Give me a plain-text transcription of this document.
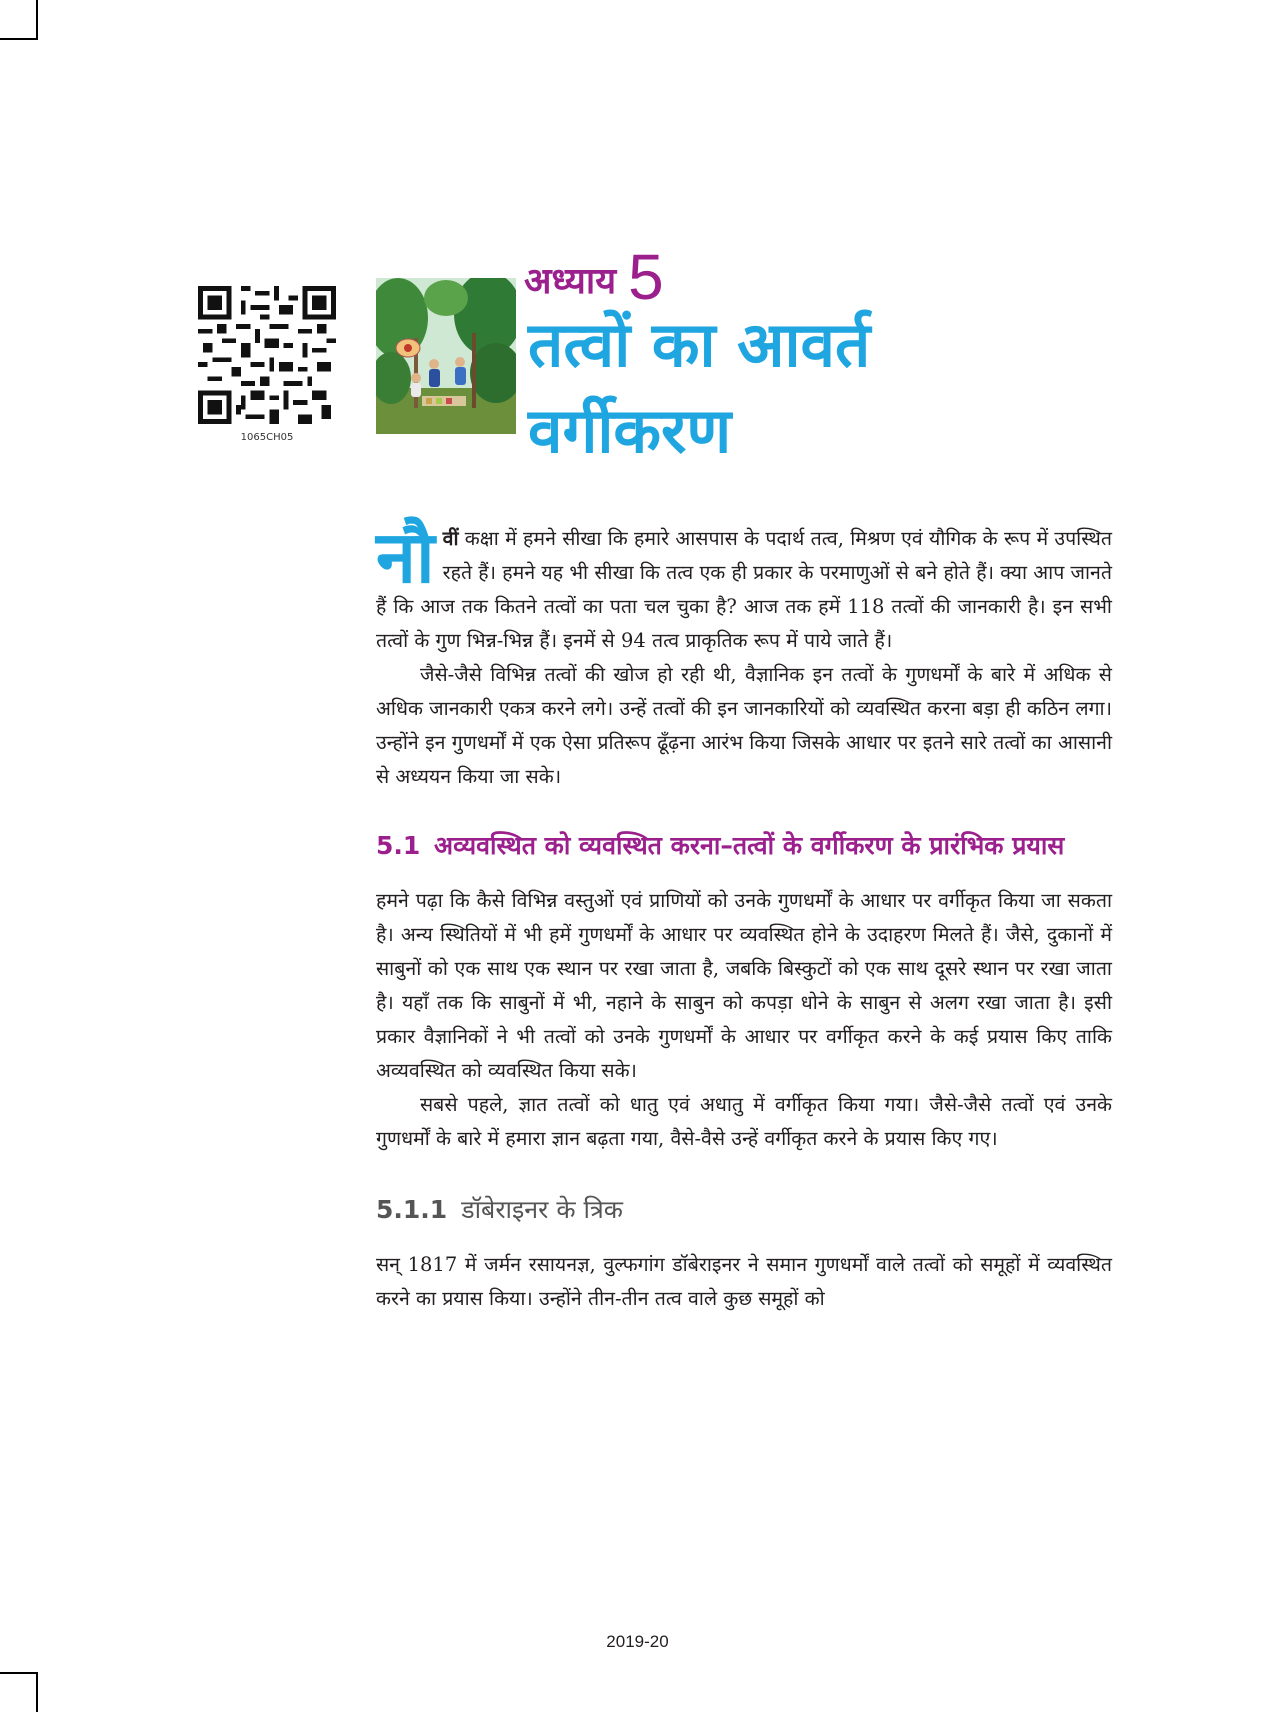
1065CH05
अध्याय 5
तत्वों का आवर्त वर्गीकरण

नौवीं कक्षा में हमने सीखा कि हमारे आसपास के पदार्थ तत्व, मिश्रण एवं यौगिक के रूप में उपस्थित रहते हैं। हमने यह भी सीखा कि तत्व एक ही प्रकार के परमाणुओं से बने होते हैं। क्या आप जानते हैं कि आज तक कितने तत्वों का पता चल चुका है? आज तक हमें 118 तत्वों की जानकारी है। इन सभी तत्वों के गुण भिन्न-भिन्न हैं। इनमें से 94 तत्व प्राकृतिक रूप में पाये जाते हैं।

जैसे-जैसे विभिन्न तत्वों की खोज हो रही थी, वैज्ञानिक इन तत्वों के गुणधर्मों के बारे में अधिक से अधिक जानकारी एकत्र करने लगे। उन्हें तत्वों की इन जानकारियों को व्यवस्थित करना बड़ा ही कठिन लगा। उन्होंने इन गुणधर्मों में एक ऐसा प्रतिरूप ढूँढ़ना आरंभ किया जिसके आधार पर इतने सारे तत्वों का आसानी से अध्ययन किया जा सके।

5.1 अव्यवस्थित को व्यवस्थित करना–तत्वों के वर्गीकरण के प्रारंभिक प्रयास

हमने पढ़ा कि कैसे विभिन्न वस्तुओं एवं प्राणियों को उनके गुणधर्मों के आधार पर वर्गीकृत किया जा सकता है। अन्य स्थितियों में भी हमें गुणधर्मों के आधार पर व्यवस्थित होने के उदाहरण मिलते हैं। जैसे, दुकानों में साबुनों को एक साथ एक स्थान पर रखा जाता है, जबकि बिस्कुटों को एक साथ दूसरे स्थान पर रखा जाता है। यहाँ तक कि साबुनों में भी, नहाने के साबुन को कपड़ा धोने के साबुन से अलग रखा जाता है। इसी प्रकार वैज्ञानिकों ने भी तत्वों को उनके गुणधर्मों के आधार पर वर्गीकृत करने के कई प्रयास किए ताकि अव्यवस्थित को व्यवस्थित किया सके।

सबसे पहले, ज्ञात तत्वों को धातु एवं अधातु में वर्गीकृत किया गया। जैसे-जैसे तत्वों एवं उनके गुणधर्मों के बारे में हमारा ज्ञान बढ़ता गया, वैसे-वैसे उन्हें वर्गीकृत करने के प्रयास किए गए।

5.1.1 डॉबेराइनर के त्रिक

सन् 1817 में जर्मन रसायनज्ञ, वुल्फगांग डॉबेराइनर ने समान गुणधर्मों वाले तत्वों को समूहों में व्यवस्थित करने का प्रयास किया। उन्होंने तीन-तीन तत्व वाले कुछ समूहों को

2019-20
